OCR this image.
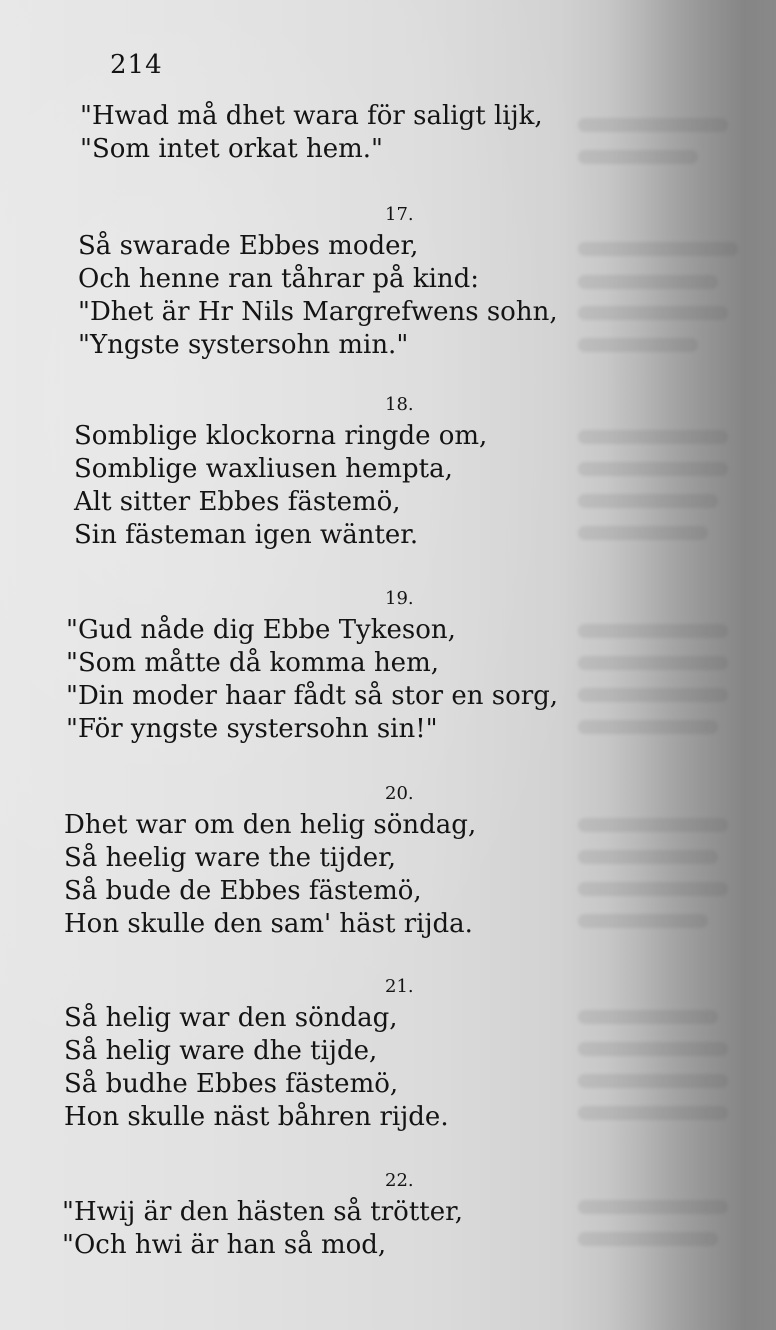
214
"Hwad må dhet wara för saligt lijk,
"Som intet orkat hem."
17.
Så swarade Ebbes moder,
Och henne ran tåhrar på kind:
"Dhet är Hr Nils Margrefwens sohn,
"Yngste systersohn min."
18.
Somblige klockorna ringde om,
Somblige waxliusen hempta,
Alt sitter Ebbes fästemö,
Sin fästeman igen wänter.
19.
"Gud nåde dig Ebbe Tykeson,
"Som måtte då komma hem,
"Din moder haar fådt så stor en sorg,
"För yngste systersohn sin!"
20.
Dhet war om den helig söndag,
Så heelig ware the tijder,
Så bude de Ebbes fästemö,
Hon skulle den sam' häst rijda.
21.
Så helig war den söndag,
Så helig ware dhe tijde,
Så budhe Ebbes fästemö,
Hon skulle näst båhren rijde.
22.
"Hwij är den hästen så trötter,
"Och hwi är han så mod,
